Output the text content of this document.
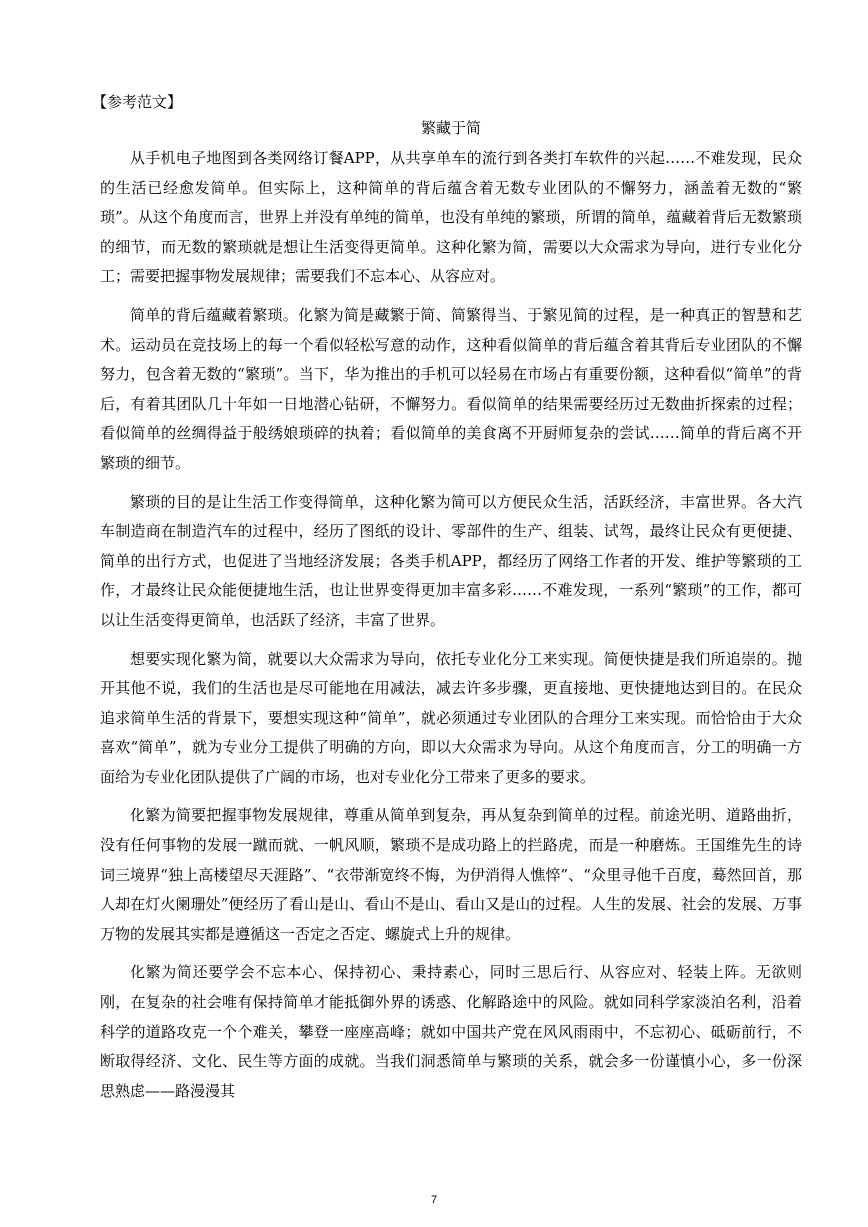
【参考范文】
繁藏于简

从手机电子地图到各类网络订餐APP，从共享单车的流行到各类打车软件的兴起……不难发现，民众的生活已经愈发简单。但实际上，这种简单的背后蕴含着无数专业团队的不懈努力，涵盖着无数的“繁琐”。从这个角度而言，世界上并没有单纯的简单，也没有单纯的繁琐，所谓的简单，蕴藏着背后无数繁琐的细节，而无数的繁琐就是想让生活变得更简单。这种化繁为简，需要以大众需求为导向，进行专业化分工；需要把握事物发展规律；需要我们不忘本心、从容应对。

简单的背后蕴藏着繁琐。化繁为简是藏繁于简、简繁得当、于繁见简的过程，是一种真正的智慧和艺术。运动员在竞技场上的每一个看似轻松写意的动作，这种看似简单的背后蕴含着其背后专业团队的不懈努力，包含着无数的“繁琐”。当下，华为推出的手机可以轻易在市场占有重要份额，这种看似“简单”的背后，有着其团队几十年如一日地潜心钻研，不懈努力。看似简单的结果需要经历过无数曲折探索的过程；看似简单的丝绸得益于般绣娘琐碎的执着；看似简单的美食离不开厨师复杂的尝试……简单的背后离不开繁琐的细节。

繁琐的目的是让生活工作变得简单，这种化繁为简可以方便民众生活，活跃经济，丰富世界。各大汽车制造商在制造汽车的过程中，经历了图纸的设计、零部件的生产、组装、试驾，最终让民众有更便捷、简单的出行方式，也促进了当地经济发展；各类手机APP，都经历了网络工作者的开发、维护等繁琐的工作，才最终让民众能便捷地生活，也让世界变得更加丰富多彩……不难发现，一系列“繁琐”的工作，都可以让生活变得更简单，也活跃了经济，丰富了世界。

想要实现化繁为简，就要以大众需求为导向，依托专业化分工来实现。简便快捷是我们所追崇的。抛开其他不说，我们的生活也是尽可能地在用减法，减去许多步骤，更直接地、更快捷地达到目的。在民众追求简单生活的背景下，要想实现这种“简单”，就必须通过专业团队的合理分工来实现。而恰恰由于大众喜欢“简单”，就为专业分工提供了明确的方向，即以大众需求为导向。从这个角度而言，分工的明确一方面给为专业化团队提供了广阔的市场，也对专业化分工带来了更多的要求。

化繁为简要把握事物发展规律，尊重从简单到复杂，再从复杂到简单的过程。前途光明、道路曲折，没有任何事物的发展一蹴而就、一帆风顺，繁琐不是成功路上的拦路虎，而是一种磨炼。王国维先生的诗词三境界“独上高楼望尽天涯路”、“衣带渐宽终不悔，为伊消得人憔悴”、“众里寻他千百度，蓦然回首，那人却在灯火阑珊处”便经历了看山是山、看山不是山、看山又是山的过程。人生的发展、社会的发展、万事万物的发展其实都是遵循这一否定之否定、螺旋式上升的规律。

化繁为简还要学会不忘本心、保持初心、秉持素心，同时三思后行、从容应对、轻装上阵。无欲则刚，在复杂的社会唯有保持简单才能抵御外界的诱惑、化解路途中的风险。就如同科学家淡泊名利，沿着科学的道路攻克一个个难关，攀登一座座高峰；就如中国共产党在风风雨雨中，不忘初心、砥砺前行，不断取得经济、文化、民生等方面的成就。当我们洞悉简单与繁琐的关系，就会多一份谨慎小心，多一份深思熟虑——路漫漫其

7
